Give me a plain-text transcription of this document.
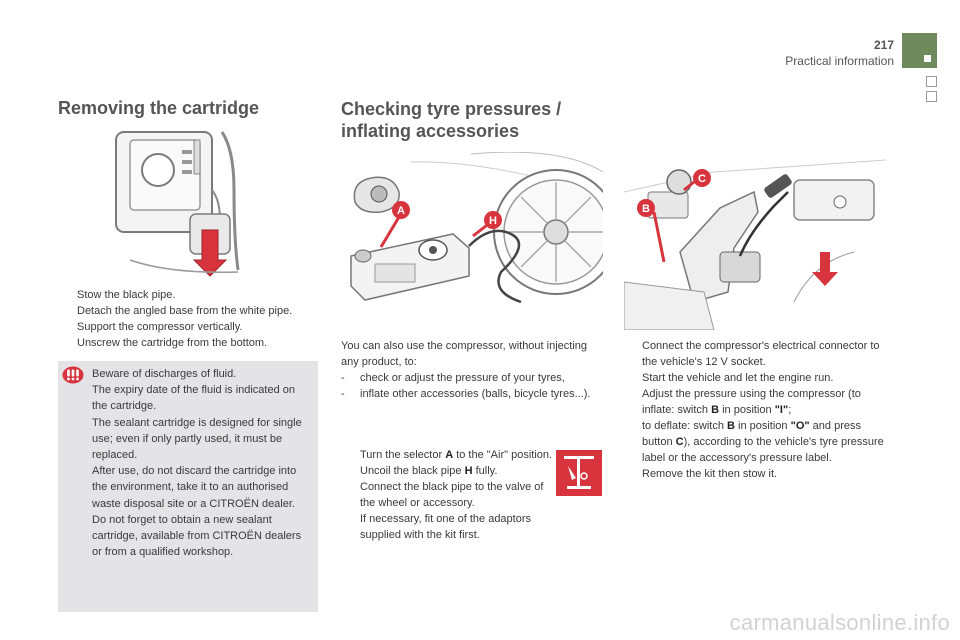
217
Practical information
Removing the cartridge	Checking tyre pressures /
inflating accessories
Stow the black pipe.
Detach the angled base from the white pipe.
Support the compressor vertically.
Unscrew the cartridge from the bottom.

Beware of discharges of fluid.

The expiry date of the fluid is indicated on the cartridge.

The sealant cartridge is designed for single use; even if only partly used, it must be replaced.

After use, do not discard the cartridge into the environment, take it to an authorised waste disposal site or a CITROËN dealer.

Do not forget to obtain a new sealant cartridge, available from CITROËN dealers or from a qualified workshop.

A
H
B
C

You can also use the compressor, without injecting any product, to:

- check or adjust the pressure of your tyres,
- inflate other accessories (balls, bicycle tyres...).
Turn the selector A to the "Air" position.
Uncoil the black pipe H fully.
Connect the black pipe to the valve of the wheel or accessory.
If necessary, fit one of the adaptors supplied with the kit first.
Connect the compressor's electrical connector to the vehicle's 12 V socket.
Start the vehicle and let the engine run.
Adjust the pressure using the compressor (to inflate: switch B in position "I";
to deflate: switch B in position "O" and press button C), according to the vehicle's tyre pressure label or the accessory's pressure label.
Remove the kit then stow it.
carmanualsonline.info
